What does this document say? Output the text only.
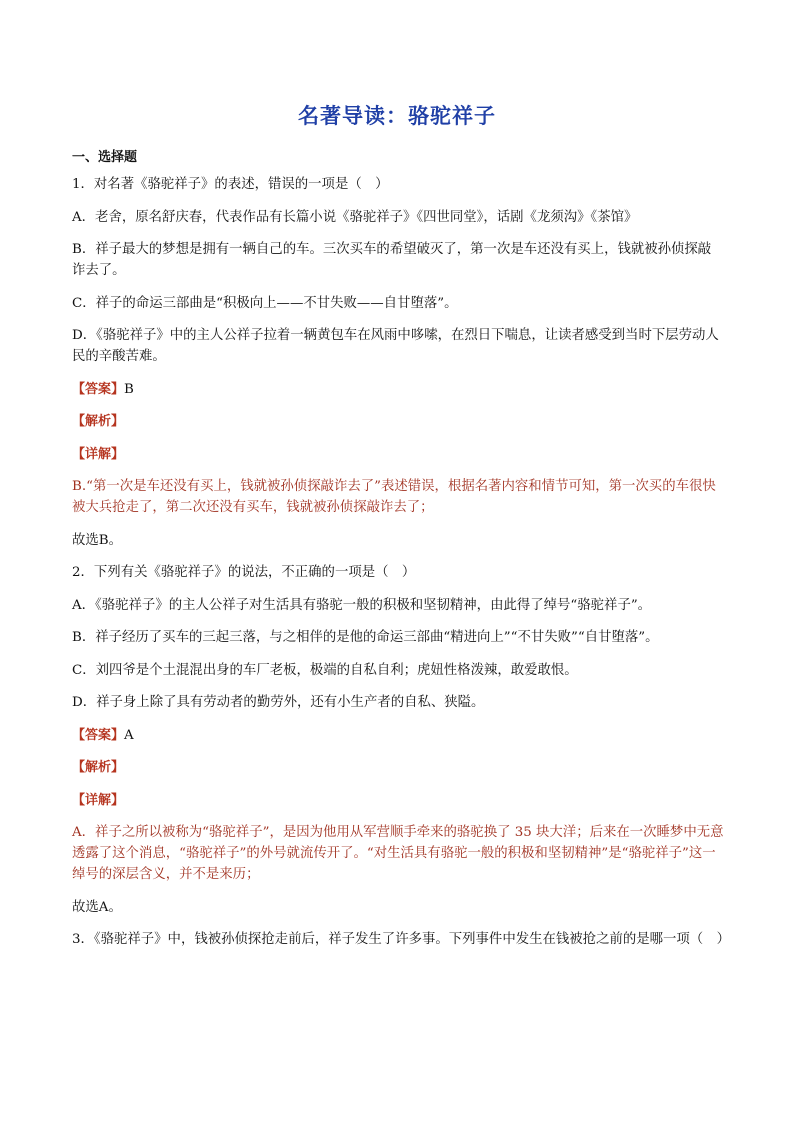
名著导读：骆驼祥子
一、选择题

1．对名著《骆驼祥子》的表述，错误的一项是（　）

A．老舍，原名舒庆春，代表作品有长篇小说《骆驼祥子》《四世同堂》，话剧《龙须沟》《茶馆》

B．祥子最大的梦想是拥有一辆自己的车。三次买车的希望破灭了，第一次是车还没有买上，钱就被孙侦探敲诈去了。

C．祥子的命运三部曲是“积极向上——不甘失败——自甘堕落”。

D．《骆驼祥子》中的主人公祥子拉着一辆黄包车在风雨中哆嗦，在烈日下喘息，让读者感受到当时下层劳动人民的辛酸苦难。

【答案】B

【解析】

【详解】

B.“第一次是车还没有买上，钱就被孙侦探敲诈去了”表述错误，根据名著内容和情节可知，第一次买的车很快被大兵抢走了，第二次还没有买车，钱就被孙侦探敲诈去了；

故选B。

2．下列有关《骆驼祥子》的说法，不正确的一项是（　）

A．《骆驼祥子》的主人公祥子对生活具有骆驼一般的积极和坚韧精神，由此得了绰号“骆驼祥子”。

B．祥子经历了买车的三起三落，与之相伴的是他的命运三部曲“精进向上”“不甘失败”“自甘堕落”。

C．刘四爷是个土混混出身的车厂老板，极端的自私自利；虎妞性格泼辣，敢爱敢恨。

D．祥子身上除了具有劳动者的勤劳外，还有小生产者的自私、狭隘。

【答案】A

【解析】

【详解】

A．祥子之所以被称为“骆驼祥子”，是因为他用从军营顺手牵来的骆驼换了 35 块大洋；后来在一次睡梦中无意透露了这个消息，“骆驼祥子”的外号就流传开了。“对生活具有骆驼一般的积极和坚韧精神”是“骆驼祥子”这一绰号的深层含义，并不是来历；

故选A。

3．《骆驼祥子》中，钱被孙侦探抢走前后，祥子发生了许多事。下列事件中发生在钱被抢之前的是哪一项（　）
